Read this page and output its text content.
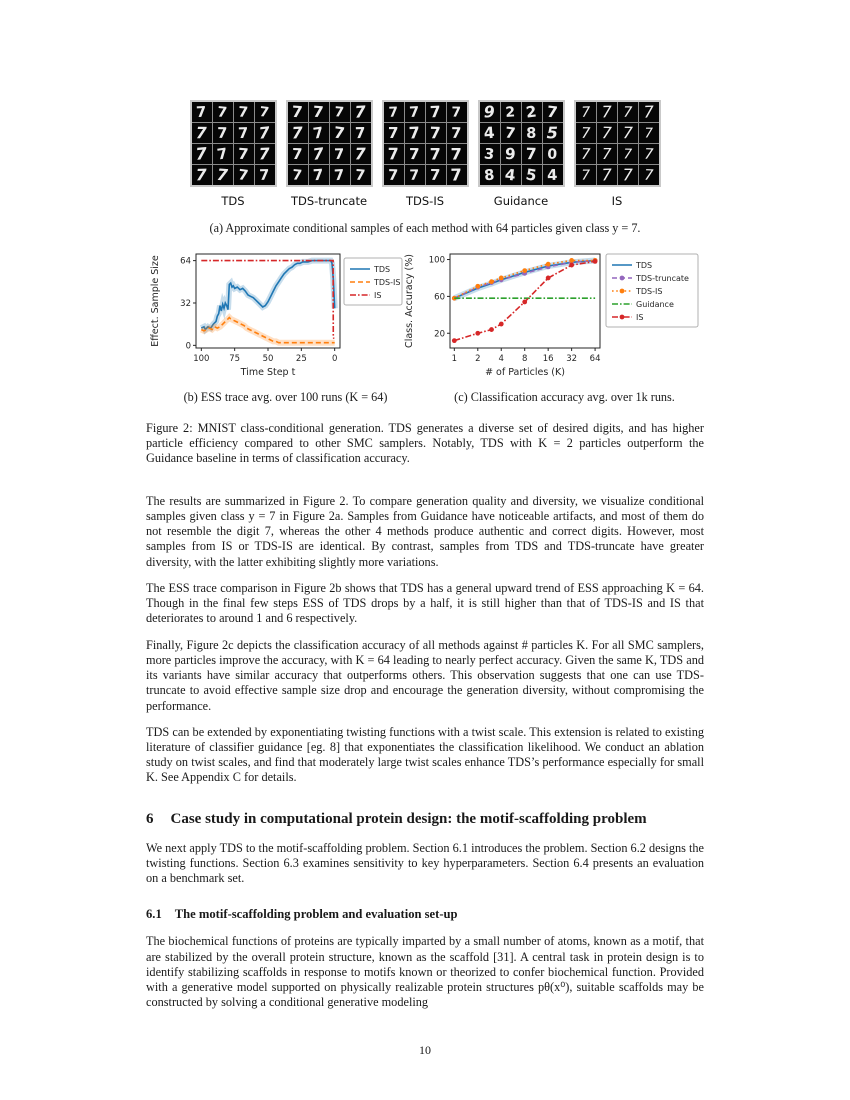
7 7 7 7
7 7 7 7
7 7 7 7
7 7 7 7
TDS
7 7 7 7
7 7 7 7
7 7 7 7
7 7 7 7
TDS-truncate
7 7 7 7
7 7 7 7
7 7 7 7
7 7 7 7
TDS-IS
9 2 2 7
4 7 8 5
3 9 7 0
8 4 5 4
Guidance
7 7 7 7
7 7 7 7
7 7 7 7
7 7 7 7
IS
(a) Approximate conditional samples of each method with 64 particles given class y = 7.
100 75	50	25	0
0
32
64
Time Step t
Effect. Sample Size	TDS
TDS-IS
IS
1 2 4 8 16 32 64
20
60
100
# of Particles (K)
Class. Accuracy (%)	TDS
TDS-truncate
TDS-IS
Guidance
IS
(b) ESS trace avg. over 100 runs (K = 64)	(c) Classification accuracy avg. over 1k runs.
Figure 2: MNIST class-conditional generation. TDS generates a diverse set of desired digits, and has higher particle efficiency compared to other SMC samplers. Notably, TDS with K = 2 particles outperform the Guidance baseline in terms of classification accuracy.
The results are summarized in Figure 2. To compare generation quality and diversity, we visualize conditional samples given class y = 7 in Figure 2a. Samples from Guidance have noticeable artifacts, and most of them do not resemble the digit 7, whereas the other 4 methods produce authentic and correct digits. However, most samples from IS or TDS-IS are identical. By contrast, samples from TDS and TDS-truncate have greater diversity, with the latter exhibiting slightly more variations.
The ESS trace comparison in Figure 2b shows that TDS has a general upward trend of ESS approaching K = 64. Though in the final few steps ESS of TDS drops by a half, it is still higher than that of TDS-IS and IS that deteriorates to around 1 and 6 respectively.
Finally, Figure 2c depicts the classification accuracy of all methods against # particles K. For all SMC samplers, more particles improve the accuracy, with K = 64 leading to nearly perfect accuracy. Given the same K, TDS and its variants have similar accuracy that outperforms others. This observation suggests that one can use TDS-truncate to avoid effective sample size drop and encourage the generation diversity, without compromising the performance.
TDS can be extended by exponentiating twisting functions with a twist scale. This extension is related to existing literature of classifier guidance [eg. 8] that exponentiates the classification likelihood. We conduct an ablation study on twist scales, and find that moderately large twist scales enhance TDS’s performance especially for small K. See Appendix C for details.
6 Case study in computational protein design: the motif-scaffolding problem
We next apply TDS to the motif-scaffolding problem. Section 6.1 introduces the problem. Section 6.2 designs the twisting functions. Section 6.3 examines sensitivity to key hyperparameters. Section 6.4 presents an evaluation on a benchmark set.
6.1 The motif-scaffolding problem and evaluation set-up
The biochemical functions of proteins are typically imparted by a small number of atoms, known as a motif, that are stabilized by the overall protein structure, known as the scaffold [31]. A central task in protein design is to identify stabilizing scaffolds in response to motifs known or theorized to confer biochemical function. Provided with a generative model supported on physically realizable protein structures pθ(x⁰), suitable scaffolds may be constructed by solving a conditional generative modeling
10
